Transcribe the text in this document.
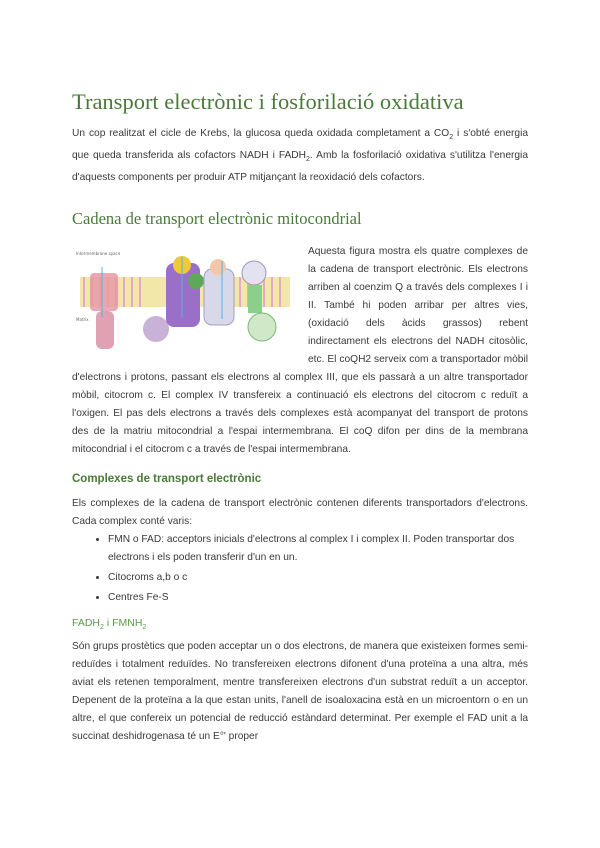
Transport electrònic i fosforilació oxidativa

Un cop realitzat el cicle de Krebs, la glucosa queda oxidada completament a $CO_2$ i s'obté energia que queda transferida als cofactors NADH i $FADH_2$. Amb la fosforilació oxidativa s'utilitza l'energia d'aquests components per produir ATP mitjançant la reoxidació dels cofactors.

Cadena de transport electrònic mitocondrial
Intermembrane space
Matrix

Aquesta figura mostra els quatre complexes de la cadena de transport electrònic. Els electrons arriben al coenzim Q a través dels complexes I i II. També hi poden arribar per altres vies, (oxidació dels àcids grassos) rebent indirectament els electrons del NADH citosòlic, etc. El coQH2 serveix com a transportador mòbil d'electrons i protons, passant els electrons al complex III, que els passarà a un altre transportador mòbil, citocrom c. El complex IV transfereix a continuació els electrons del citocrom c reduït a l'oxigen. El pas dels electrons a través dels complexes està acompanyat del transport de protons des de la matriu mitocondrial a l'espai intermembrana. El coQ difon per dins de la membrana mitocondrial i el citocrom c a través de l'espai intermembrana.

Complexes de transport electrònic

Els complexes de la cadena de transport electrònic contenen diferents transportadors d'electrons. Cada complex conté varis:

• FMN o FAD: acceptors inicials d'electrons al complex I i complex II. Poden transportar dos electrons i els poden transferir d'un en un.
• Citocroms a,b o c
• Centres Fe-S
$FADH_2$ i $FMNH_2$

Són grups prostètics que poden acceptar un o dos electrons, de manera que existeixen formes semi-reduïdes i totalment reduïdes. No transfereixen electrons difonent d'una proteïna a una altra, més aviat els retenen temporalment, mentre transfereixen electrons d'un substrat reduït a un acceptor. Depenent de la proteïna a la que estan units, l'anell de isoaloxacina està en un microentorn o en un altre, el que confereix un potencial de reducció estàndard determinat. Per exemple el FAD unit a la succinat deshidrogenasa té un E°' proper
